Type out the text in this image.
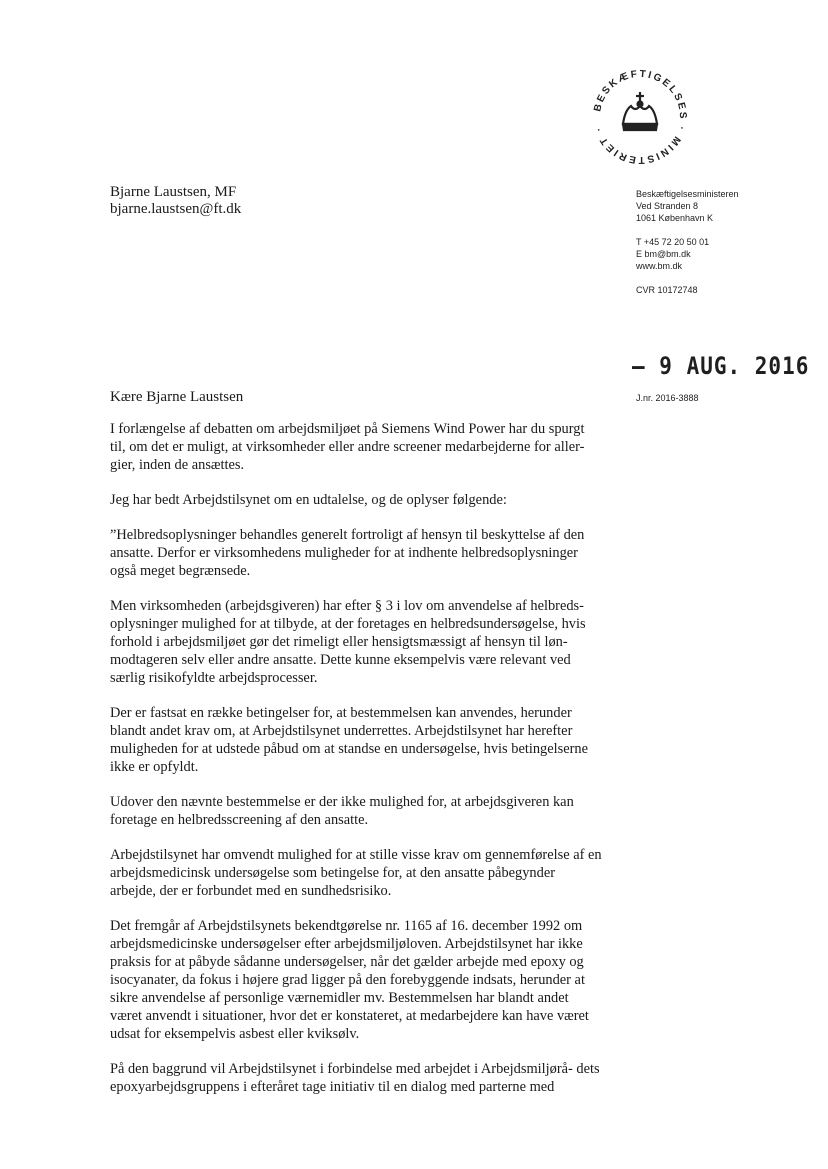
BESKÆFTIGELSES · MINISTERIET ·
Bjarne Laustsen, MF
bjarne.laustsen@ft.dk
Beskæftigelsesministeren
Ved Stranden 8
1061 København K
T +45 72 20 50 01
E bm@bm.dk
www.bm.dk
CVR 10172748
– 9 AUG. 2016
J.nr. 2016-3888
Kære Bjarne Laustsen

I forlængelse af debatten om arbejdsmiljøet på Siemens Wind Power har du spurgt til, om det er muligt, at virksomheder eller andre screener medarbejderne for aller- gier, inden de ansættes.

Jeg har bedt Arbejdstilsynet om en udtalelse, og de oplyser følgende:

”Helbredsoplysninger behandles generelt fortroligt af hensyn til beskyttelse af den ansatte. Derfor er virksomhedens muligheder for at indhente helbredsoplysninger også meget begrænsede.

Men virksomheden (arbejdsgiveren) har efter § 3 i lov om anvendelse af helbreds- oplysninger mulighed for at tilbyde, at der foretages en helbredsundersøgelse, hvis forhold i arbejdsmiljøet gør det rimeligt eller hensigtsmæssigt af hensyn til løn- modtageren selv eller andre ansatte. Dette kunne eksempelvis være relevant ved særlig risikofyldte arbejdsprocesser.

Der er fastsat en række betingelser for, at bestemmelsen kan anvendes, herunder blandt andet krav om, at Arbejdstilsynet underrettes. Arbejdstilsynet har herefter muligheden for at udstede påbud om at standse en undersøgelse, hvis betingelserne ikke er opfyldt.

Udover den nævnte bestemmelse er der ikke mulighed for, at arbejdsgiveren kan foretage en helbredsscreening af den ansatte.

Arbejdstilsynet har omvendt mulighed for at stille visse krav om gennemførelse af en arbejdsmedicinsk undersøgelse som betingelse for, at den ansatte påbegynder arbejde, der er forbundet med en sundhedsrisiko.

Det fremgår af Arbejdstilsynets bekendtgørelse nr. 1165 af 16. december 1992 om arbejdsmedicinske undersøgelser efter arbejdsmiljøloven. Arbejdstilsynet har ikke praksis for at påbyde sådanne undersøgelser, når det gælder arbejde med epoxy og isocyanater, da fokus i højere grad ligger på den forebyggende indsats, herunder at sikre anvendelse af personlige værnemidler mv. Bestemmelsen har blandt andet været anvendt i situationer, hvor det er konstateret, at medarbejdere kan have været udsat for eksempelvis asbest eller kviksølv.

På den baggrund vil Arbejdstilsynet i forbindelse med arbejdet i Arbejdsmiljørå- dets epoxyarbejdsgruppens i efteråret tage initiativ til en dialog med parterne med
